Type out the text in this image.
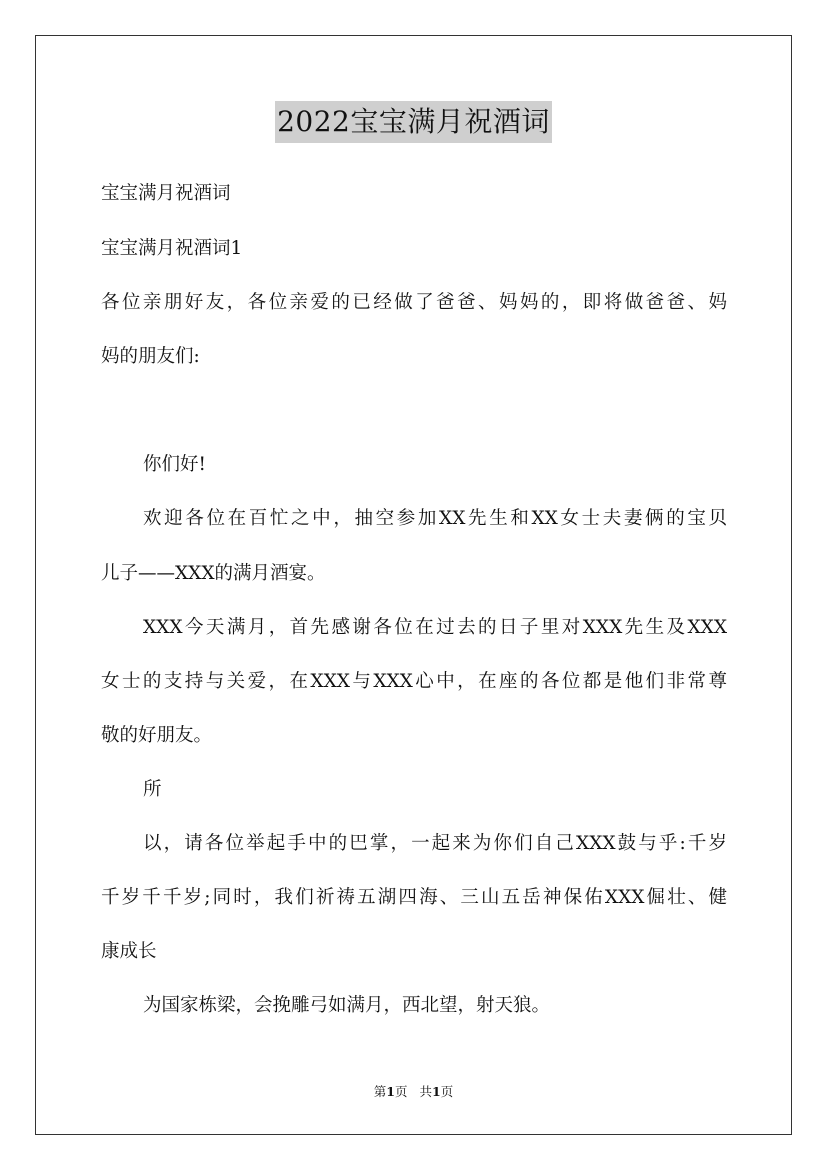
2022宝宝满月祝酒词
宝宝满月祝酒词
宝宝满月祝酒词1
各位亲朋好友，各位亲爱的已经做了爸爸、妈妈的，即将做爸爸、妈
妈的朋友们:
你们好!
欢迎各位在百忙之中，抽空参加XX先生和XX女士夫妻俩的宝贝
儿子——XXX的满月酒宴。
XXX今天满月，首先感谢各位在过去的日子里对XXX先生及XXX
女士的支持与关爱，在XXX与XXX心中，在座的各位都是他们非常尊
敬的好朋友。
所
以，请各位举起手中的巴掌，一起来为你们自己XXX鼓与乎:千岁
千岁千千岁;同时，我们祈祷五湖四海、三山五岳神保佑XXX倔壮、健
康成长
为国家栋梁，会挽雕弓如满月，西北望，射天狼。
第1页 共1页
